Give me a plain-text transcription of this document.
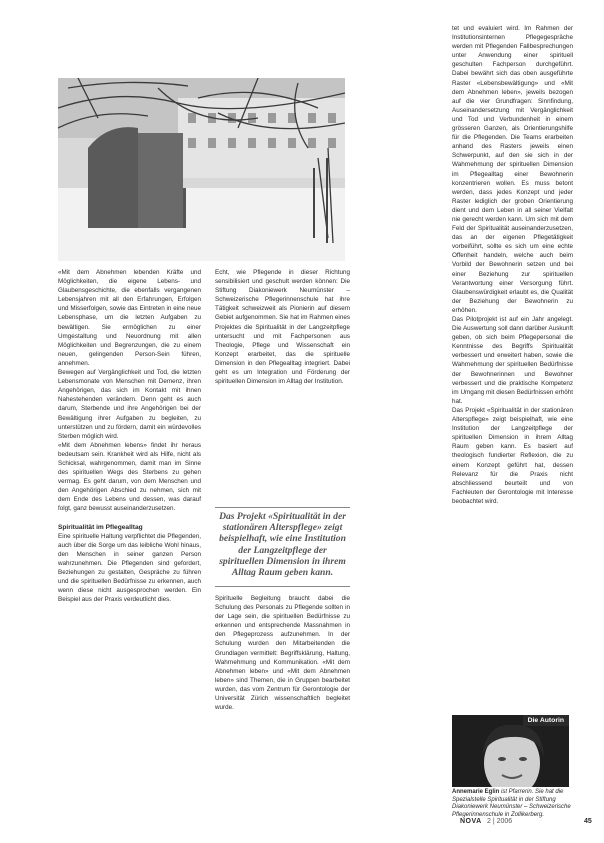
«Mit dem Abnehmen lebenden Kräfte und Möglichkeiten, die eigene Lebens- und Glaubensgeschichte, die ebenfalls vergangenen Lebensjahren mit all den Erfahrungen, Erfolgen und Misserfolgen, sowie das Eintreten in eine neue Lebensphase, um die letzten Aufgaben zu bewältigen. Sie ermöglichen zu einer Umgestaltung und Neuordnung mit allen Möglichkeiten und Begrenzungen, die zu einem neuen, gelingenden Person-Sein führen, annehmen.

Bewegen auf Vergänglichkeit und Tod, die letzten Lebensmonate von Menschen mit Demenz, ihren Angehörigen, das sich im Kontakt mit ihnen Nahestehenden verändern. Denn geht es auch darum, Sterbende und ihre Angehörigen bei der Bewältigung ihrer Aufgaben zu begleiten, zu unterstützen und zu fördern, damit ein würdevolles Sterben möglich wird.

«Mit dem Abnehmen lebens» findet ihr heraus bedeutsam sein. Krankheit wird als Hilfe, nicht als Schicksal, wahrgenommen, damit man im Sinne des spirituellen Wegs des Sterbens zu gehen vermag. Es geht darum, von dem Menschen und den Angehörigen Abschied zu nehmen, sich mit dem Ende des Lebens und dessen, was darauf folgt, ganz bewusst auseinanderzusetzen.

Spiritualität im Pflegealltag

Eine spirituelle Haltung verpflichtet die Pflegenden, auch über die Sorge um das leibliche Wohl hinaus, den Menschen in seiner ganzen Person wahrzunehmen. Die Pflegenden sind gefordert, Beziehungen zu gestalten, Gespräche zu führen und die spirituellen Bedürfnisse zu erkennen, auch wenn diese nicht ausgesprochen werden. Ein Beispiel aus der Praxis verdeutlicht dies.

Echt, wie Pflegende in dieser Richtung sensibilisiert und geschult werden können: Die Stiftung Diakoniewerk Neumünster – Schweizerische Pflegerinnenschule hat ihre Tätigkeit schweizweit als Pionierin auf diesem Gebiet aufgenommen. Sie hat im Rahmen eines Projektes die Spiritualität in der Langzeitpflege untersucht und mit Fachpersonen aus Theologie, Pflege und Wissenschaft ein Konzept erarbeitet, das die spirituelle Dimension in den Pflegealltag integriert. Dabei geht es um Integration und Förderung der spirituellen Dimension im Alltag der Institution.

Das Projekt «Spiritualität in der stationären Alterspflege» zeigt beispielhaft, wie eine Institution der Langzeitpflege der spirituellen Dimension in ihrem Alltag Raum geben kann.

Spirituelle Begleitung braucht dabei die Schulung des Personals zu Pflegende sollten in der Lage sein, die spirituellen Bedürfnisse zu erkennen und entsprechende Massnahmen in den Pflegeprozess aufzunehmen. In der Schulung wurden den Mitarbeitenden die Grundlagen vermittelt: Begriffsklärung, Haltung, Wahrnehmung und Kommunikation. «Mit dem Abnehmen leben» und «Mit dem Abnehmen leben» sind Themen, die in Gruppen bearbeitet wurden, das vom Zentrum für Gerontologie der Universität Zürich wissenschaftlich begleitet wurde.

tet und evaluiert wird. Im Rahmen der Institutionsinternen Pflegegespräche werden mit Pflegenden Fallbesprechungen unter Anwendung einer spirituell geschulten Fachperson durchgeführt. Dabei bewährt sich das oben ausgeführte Raster «Lebensbewältigung» und «Mit dem Abnehmen leben», jeweils bezogen auf die vier Grundfragen: Sinnfindung, Auseinandersetzung mit Vergänglichkeit und Tod und Verbundenheit in einem grösseren Ganzen, als Orientierungshilfe für die Pflegenden. Die Teams erarbeiten anhand des Rasters jeweils einen Schwerpunkt, auf den sie sich in der Wahrnehmung der spirituellen Dimension im Pflegealltag einer Bewohnerin konzentrieren wollen. Es muss betont werden, dass jedes Konzept und jeder Raster lediglich der groben Orientierung dient und dem Leben in all seiner Vielfalt nie gerecht werden kann. Um sich mit dem Feld der Spiritualität auseinanderzusetzen, das an der eigenen Pflegetätigkeit vorbeiführt, sollte es sich um eine echte Offenheit handeln, welche auch beim Vorbild der Bewohnerin setzen und bei einer Beziehung zur spirituellen Verantwortung einer Versorgung führt. Glaubenswürdigkeit erlaubt es, die Qualität der Beziehung der Bewohnerin zu erhöhen.

Das Pilotprojekt ist auf ein Jahr angelegt. Die Auswertung soll dann darüber Auskunft geben, ob sich beim Pflegepersonal die Kenntnisse des Begriffs Spiritualität verbessert und erweitert haben, sowie die Wahrnehmung der spirituellen Bedürfnisse der Bewohnerinnen und Bewohner verbessert und die praktische Kompetenz im Umgang mit diesen Bedürfnissen erhöht hat.

Das Projekt «Spiritualität in der stationären Alterspflege» zeigt beispielhaft, wie eine Institution der Langzeitpflege der spirituellen Dimension in ihrem Alltag Raum geben kann. Es basiert auf theologisch fundierter Reflexion, die zu einem Konzept geführt hat, dessen Relevanz für die Praxis nicht abschliessend beurteilt und von Fachleuten der Gerontologie mit Interesse beobachtet wird.

Die Autorin
Annemarie Eglin ist Pfarrerin. Sie hat die Spezialstelle Spiritualität in der Stiftung Diakoniewerk Neumünster – Schweizerische Pflegerinnenschule in Zollikerberg.
NOVA 2 | 2006	45
